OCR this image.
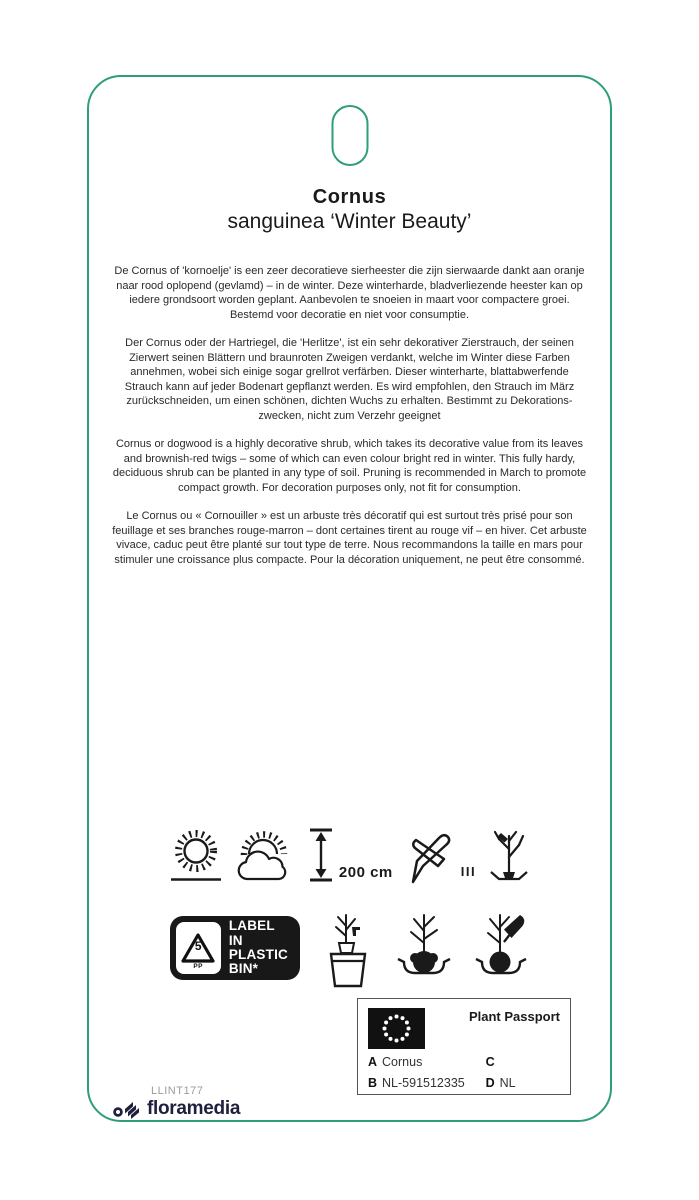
Cornus
sanguinea ‘Winter Beauty’

De Cornus of 'kornoelje' is een zeer decoratieve sierheester die zijn sierwaarde dankt aan oranje naar rood oplopend (gevlamd) – in de winter. Deze winterharde, bladverliezende heester kan op iedere grondsoort worden geplant. Aanbevolen te snoeien in maart voor compactere groei. Bestemd voor decoratie en niet voor consumptie.

Der Cornus oder der Hartriegel, die 'Herlitze', ist ein sehr dekorativer Zierstrauch, der seinen Zierwert seinen Blättern und braunroten Zweigen verdankt, welche im Winter diese Farben annehmen, wobei sich einige sogar grellrot verfärben. Dieser winterharte, blattabwerfende Strauch kann auf jeder Bodenart gepflanzt werden. Es wird empfohlen, den Strauch im März zurückschneiden, um einen schönen, dichten Wuchs zu erhalten. Bestimmt zu Dekorations- zwecken, nicht zum Verzehr geeignet

Cornus or dogwood is a highly decorative shrub, which takes its decorative value from its leaves and brownish-red twigs – some of which can even colour bright red in winter. This fully hardy, deciduous shrub can be planted in any type of soil. Pruning is recommended in March to promote compact growth. For decoration purposes only, not fit for consumption.

Le Cornus ou « Cornouiller » est un arbuste très décoratif qui est surtout très prisé pour son feuillage et ses branches rouge-marron – dont certaines tirent au rouge vif – en hiver. Cet arbuste vivace, caduc peut être planté sur tout type de terre. Nous recommandons la taille en mars pour stimuler une croissance plus compacte. Pour la décoration uniquement, ne peut être consommé.

200 cm	III
5
PP
LABEL IN
PLASTIC
BIN*
Plant Passport
A Cornus	C
B NL-591512335	D NL
LLINT177
floramedia
